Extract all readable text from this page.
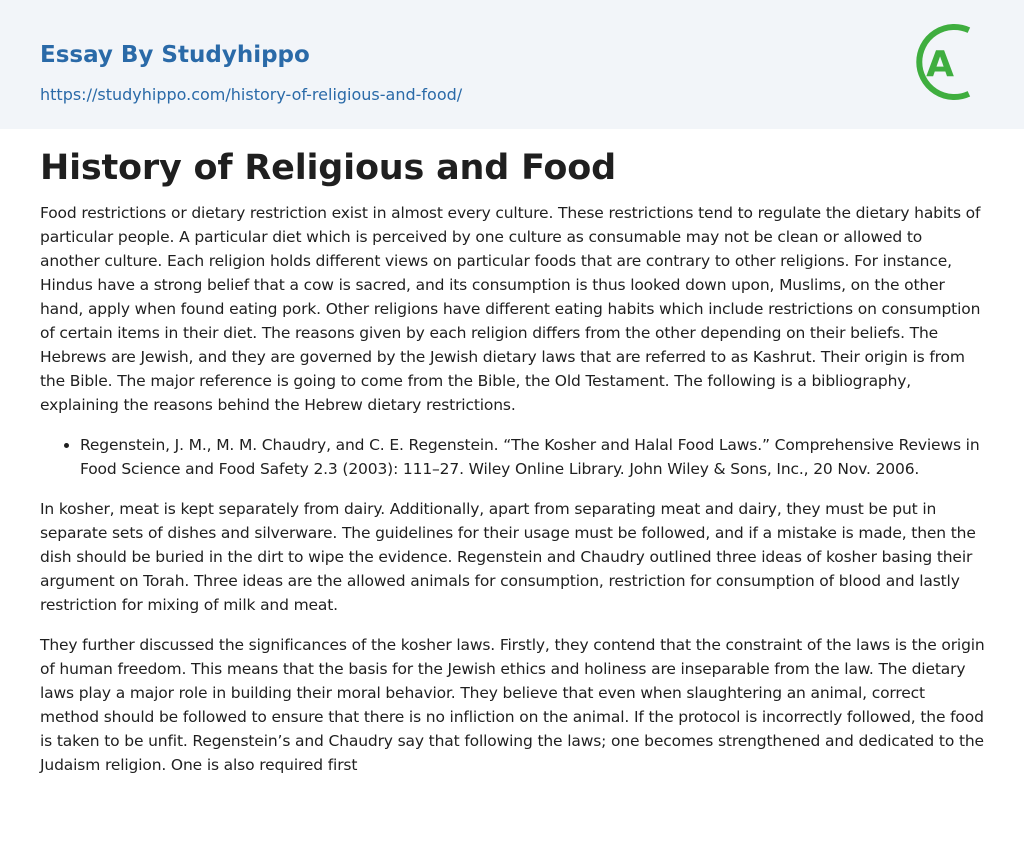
Essay By Studyhippo
https://studyhippo.com/history-of-religious-and-food/
A
History of Religious and Food

Food restrictions or dietary restriction exist in almost every culture. These restrictions tend to regulate the dietary habits of particular people. A particular diet which is perceived by one culture as consumable may not be clean or allowed to another culture. Each religion holds different views on particular foods that are contrary to other religions. For instance, Hindus have a strong belief that a cow is sacred, and its consumption is thus looked down upon, Muslims, on the other hand, apply when found eating pork. Other religions have different eating habits which include restrictions on consumption of certain items in their diet. The reasons given by each religion differs from the other depending on their beliefs. The Hebrews are Jewish, and they are governed by the Jewish dietary laws that are referred to as Kashrut. Their origin is from the Bible. The major reference is going to come from the Bible, the Old Testament. The following is a bibliography, explaining the reasons behind the Hebrew dietary restrictions.

• Regenstein, J. M., M. M. Chaudry, and C. E. Regenstein. “The Kosher and Halal Food Laws.” Comprehensive Reviews in Food Science and Food Safety 2.3 (2003): 111–27. Wiley Online Library. John Wiley & Sons, Inc., 20 Nov. 2006.

In kosher, meat is kept separately from dairy. Additionally, apart from separating meat and dairy, they must be put in separate sets of dishes and silverware. The guidelines for their usage must be followed, and if a mistake is made, then the dish should be buried in the dirt to wipe the evidence. Regenstein and Chaudry outlined three ideas of kosher basing their argument on Torah. Three ideas are the allowed animals for consumption, restriction for consumption of blood and lastly restriction for mixing of milk and meat.

They further discussed the significances of the kosher laws. Firstly, they contend that the constraint of the laws is the origin of human freedom. This means that the basis for the Jewish ethics and holiness are inseparable from the law. The dietary laws play a major role in building their moral behavior. They believe that even when slaughtering an animal, correct method should be followed to ensure that there is no infliction on the animal. If the protocol is incorrectly followed, the food is taken to be unfit. Regenstein’s and Chaudry say that following the laws; one becomes strengthened and dedicated to the Judaism religion. One is also required first
